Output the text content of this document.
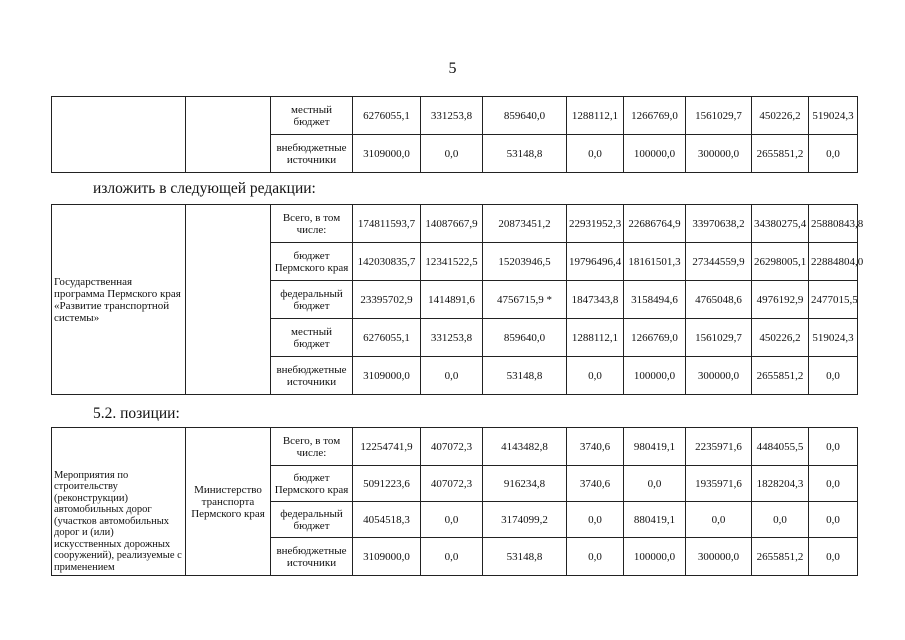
5
		местный бюджет	6276055,1	331253,8	859640,0	1288112,1	1266769,0	1561029,7	450226,2	519024,3
		внебюджетные источники	3109000,0	0,0	53148,8	0,0	100000,0	300000,0	2655851,2	0,0
изложить в следующей редакции:
Государственная программа Пермского края «Развитие транспортной системы»		Всего, в том числе:	174811593,7	14087667,9	20873451,2	22931952,3	22686764,9	33970638,2	34380275,4	25880843,8
		бюджет Пермского края	142030835,7	12341522,5	15203946,5	19796496,4	18161501,3	27344559,9	26298005,1	22884804,0
		федеральный бюджет	23395702,9	1414891,6	4756715,9 *	1847343,8	3158494,6	4765048,6	4976192,9	2477015,5
		местный бюджет	6276055,1	331253,8	859640,0	1288112,1	1266769,0	1561029,7	450226,2	519024,3
		внебюджетные источники	3109000,0	0,0	53148,8	0,0	100000,0	300000,0	2655851,2	0,0
5.2. позиции:
Мероприятия по строительству (реконструкции) автомобильных дорог (участков автомобильных дорог и (или) искусственных дорожных сооружений), реализуемые с применением	Министерство транспорта Пермского края	Всего, в том числе:	12254741,9	407072,3	4143482,8	3740,6	980419,1	2235971,6	4484055,5	0,0
		бюджет Пермского края	5091223,6	407072,3	916234,8	3740,6	0,0	1935971,6	1828204,3	0,0
		федеральный бюджет	4054518,3	0,0	3174099,2	0,0	880419,1	0,0	0,0	0,0
		внебюджетные источники	3109000,0	0,0	53148,8	0,0	100000,0	300000,0	2655851,2	0,0
